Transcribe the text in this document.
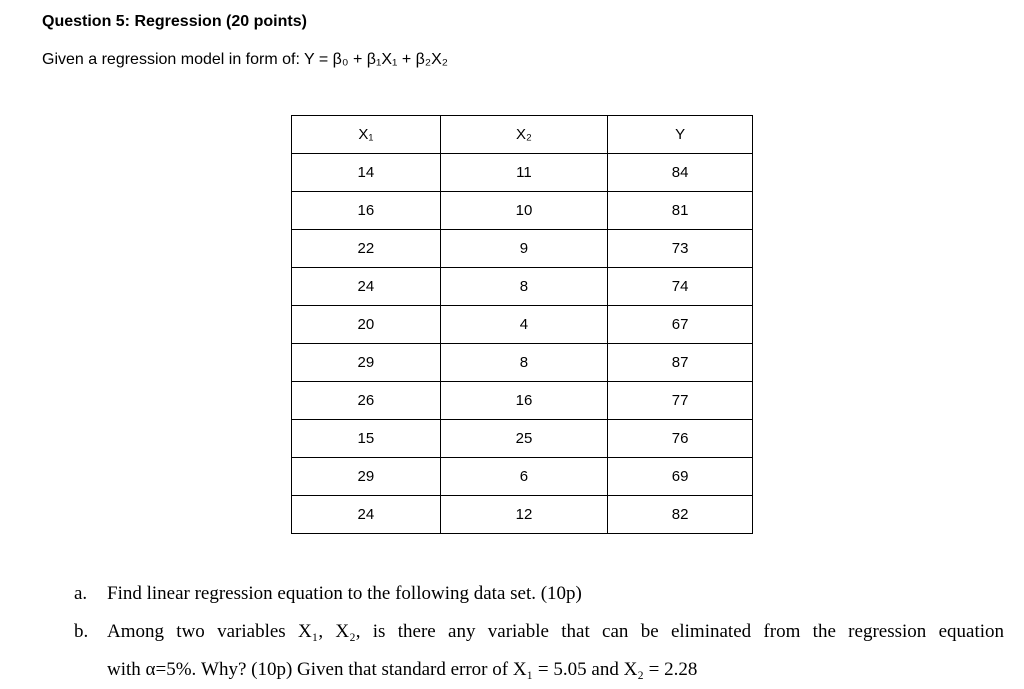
Question 5: Regression (20 points)
Given a regression model in form of: Y = β₀ + β₁X₁ + β₂X₂
X₁	X₂	Y
14	11	84
16	10	81
22	9	73
24	8	74
20	4	67
29	8	87
26	16	77
15	25	76
29	6	69
24	12	82
a.	Find linear regression equation to the following data set. (10p)
b. Among two variables X₁, X₂, is there any variable that can be eliminated from the regression equation
with α=5%. Why? (10p) Given that standard error of X₁ = 5.05 and X₂ = 2.28
